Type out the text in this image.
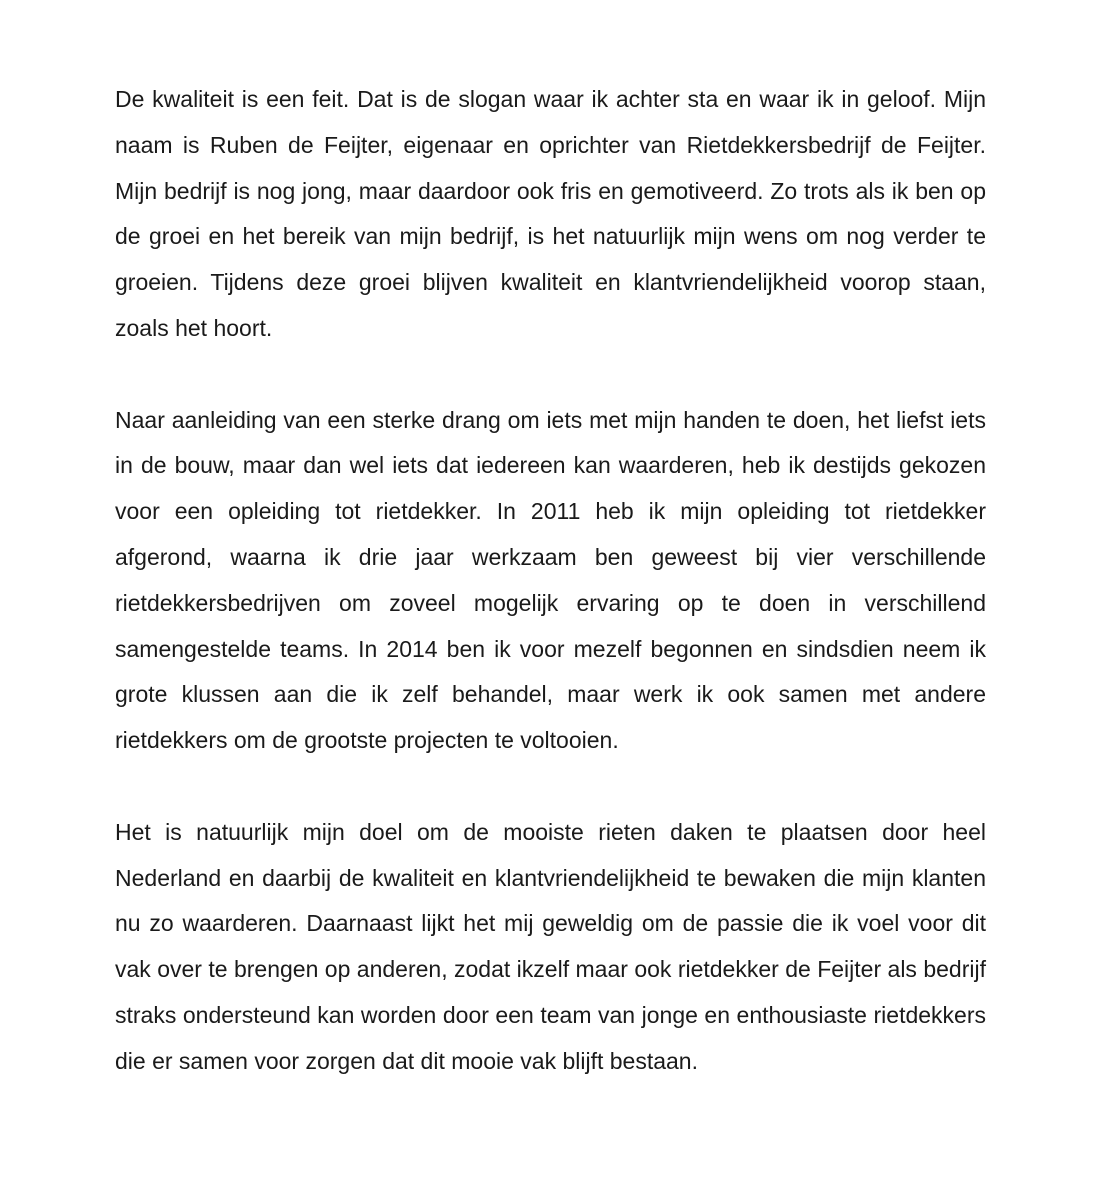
De kwaliteit is een feit. Dat is de slogan waar ik achter sta en waar ik in geloof. Mijn naam is Ruben de Feijter, eigenaar en oprichter van Rietdekkersbedrijf de Feijter. Mijn bedrijf is nog jong, maar daardoor ook fris en gemotiveerd. Zo trots als ik ben op de groei en het bereik van mijn bedrijf, is het natuurlijk mijn wens om nog verder te groeien. Tijdens deze groei blijven kwaliteit en klantvriendelijkheid voorop staan, zoals het hoort.

Naar aanleiding van een sterke drang om iets met mijn handen te doen, het liefst iets in de bouw, maar dan wel iets dat iedereen kan waarderen, heb ik destijds gekozen voor een opleiding tot rietdekker. In 2011 heb ik mijn opleiding tot rietdekker afgerond, waarna ik drie jaar werkzaam ben geweest bij vier verschillende rietdekkersbedrijven om zoveel mogelijk ervaring op te doen in verschillend samengestelde teams. In 2014 ben ik voor mezelf begonnen en sindsdien neem ik grote klussen aan die ik zelf behandel, maar werk ik ook samen met andere rietdekkers om de grootste projecten te voltooien.

Het is natuurlijk mijn doel om de mooiste rieten daken te plaatsen door heel Nederland en daarbij de kwaliteit en klantvriendelijkheid te bewaken die mijn klanten nu zo waarderen. Daarnaast lijkt het mij geweldig om de passie die ik voel voor dit vak over te brengen op anderen, zodat ikzelf maar ook rietdekker de Feijter als bedrijf straks ondersteund kan worden door een team van jonge en enthousiaste rietdekkers die er samen voor zorgen dat dit mooie vak blijft bestaan.
